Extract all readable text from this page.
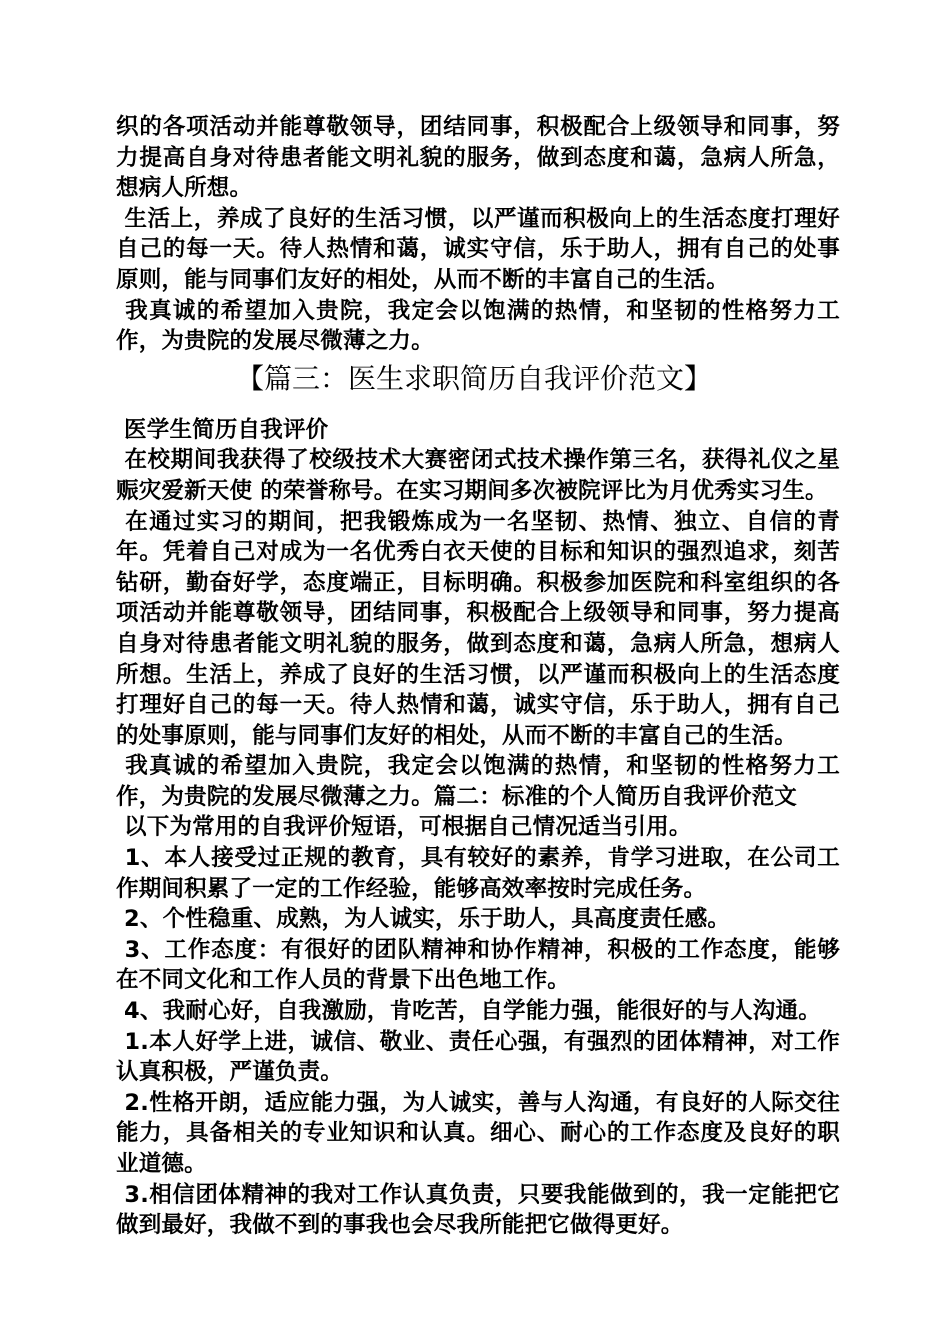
织的各项活动并能尊敬领导，团结同事，积极配合上级领导和同事，努力提高自身对待患者能文明礼貌的服务，做到态度和蔼，急病人所急，想病人所想。

生活上，养成了良好的生活习惯，以严谨而积极向上的生活态度打理好自己的每一天。待人热情和蔼，诚实守信，乐于助人，拥有自己的处事原则，能与同事们友好的相处，从而不断的丰富自己的生活。

我真诚的希望加入贵院，我定会以饱满的热情，和坚韧的性格努力工作，为贵院的发展尽微薄之力。

【篇三：医生求职简历自我评价范文】

医学生简历自我评价

在校期间我获得了校级技术大赛密闭式技术操作第三名，获得礼仪之星 赈灾爱新天使 的荣誉称号。在实习期间多次被院评比为月优秀实习生。

在通过实习的期间，把我锻炼成为一名坚韧、热情、独立、自信的青年。凭着自己对成为一名优秀白衣天使的目标和知识的强烈追求，刻苦钻研，勤奋好学，态度端正，目标明确。积极参加医院和科室组织的各项活动并能尊敬领导，团结同事，积极配合上级领导和同事，努力提高自身对待患者能文明礼貌的服务，做到态度和蔼，急病人所急，想病人所想。生活上，养成了良好的生活习惯，以严谨而积极向上的生活态度打理好自己的每一天。待人热情和蔼，诚实守信，乐于助人，拥有自己的处事原则，能与同事们友好的相处，从而不断的丰富自己的生活。

我真诚的希望加入贵院，我定会以饱满的热情，和坚韧的性格努力工作，为贵院的发展尽微薄之力。篇二：标准的个人简历自我评价范文

以下为常用的自我评价短语，可根据自己情况适当引用。

1、本人接受过正规的教育，具有较好的素养，肯学习进取，在公司工作期间积累了一定的工作经验，能够高效率按时完成任务。

2、个性稳重、成熟，为人诚实，乐于助人，具高度责任感。

3、工作态度：有很好的团队精神和协作精神，积极的工作态度，能够在不同文化和工作人员的背景下出色地工作。

4、我耐心好，自我激励，肯吃苦，自学能力强，能很好的与人沟通。

1.本人好学上进，诚信、敬业、责任心强，有强烈的团体精神，对工作认真积极，严谨负责。

2.性格开朗，适应能力强，为人诚实，善与人沟通，有良好的人际交往能力，具备相关的专业知识和认真。细心、耐心的工作态度及良好的职业道德。

3.相信团体精神的我对工作认真负责，只要我能做到的，我一定能把它做到最好，我做不到的事我也会尽我所能把它做得更好。
